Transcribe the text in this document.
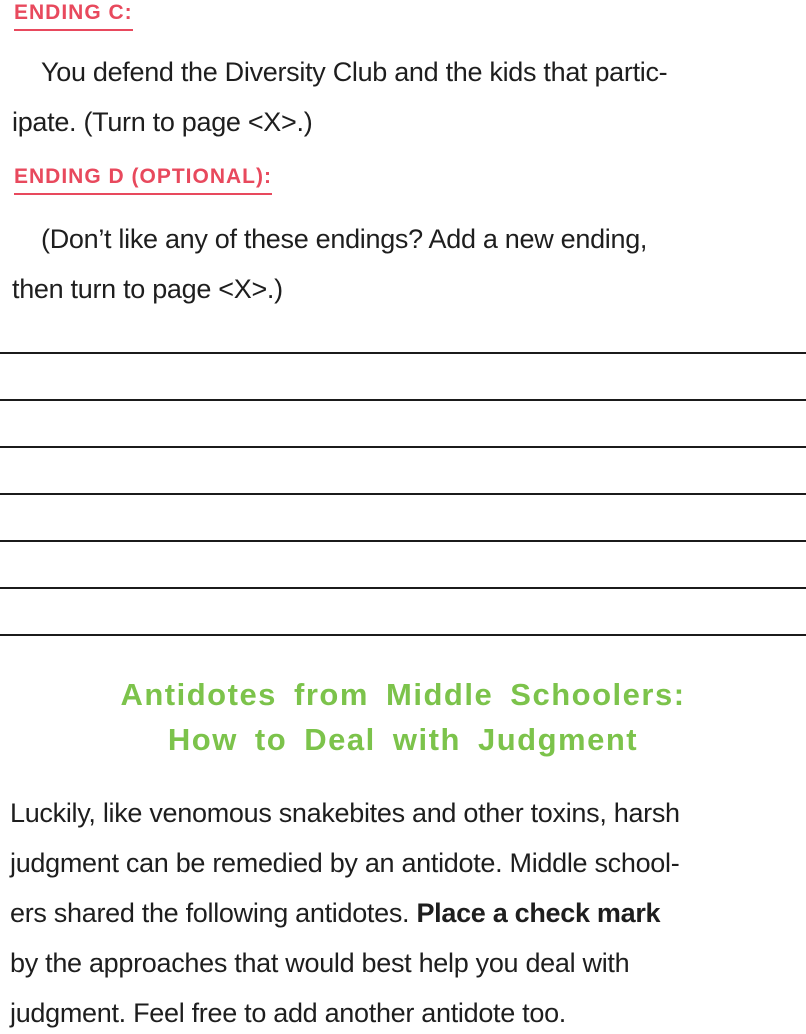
ENDING C:
You defend the Diversity Club and the kids that partic-
ipate. (Turn to page <X>.)
ENDING D (OPTIONAL):
(Don’t like any of these endings? Add a new ending,
then turn to page <X>.)
Antidotes from Middle Schoolers:
How to Deal with Judgment
Luckily, like venomous snakebites and other toxins, harsh
judgment can be remedied by an antidote. Middle school-
ers shared the following antidotes. Place a check mark
by the approaches that would best help you deal with
judgment. Feel free to add another antidote too.
